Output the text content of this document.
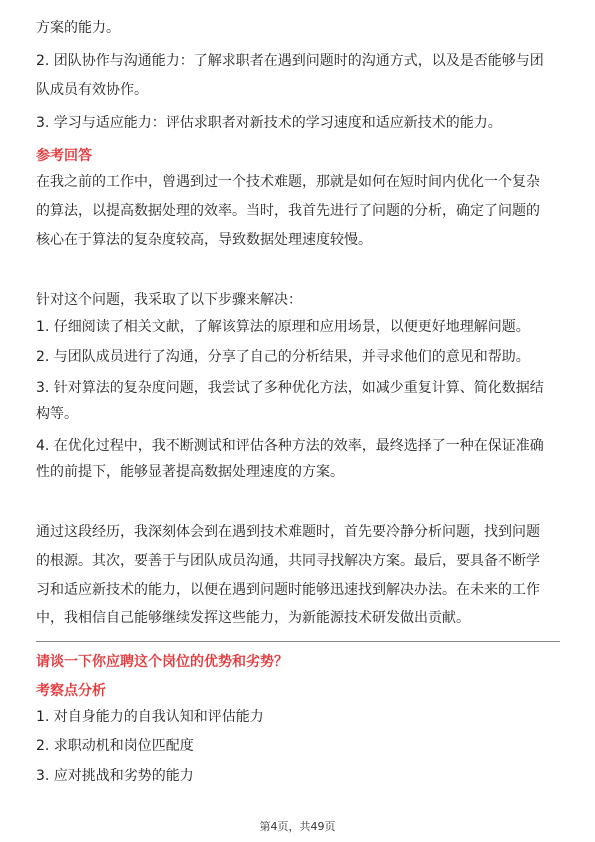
方案的能力。
2. 团队协作与沟通能力：了解求职者在遇到问题时的沟通方式，以及是否能够与团
队成员有效协作。
3. 学习与适应能力：评估求职者对新技术的学习速度和适应新技术的能力。
参考回答
在我之前的工作中，曾遇到过一个技术难题，那就是如何在短时间内优化一个复杂
的算法，以提高数据处理的效率。当时，我首先进行了问题的分析，确定了问题的
核心在于算法的复杂度较高，导致数据处理速度较慢。
针对这个问题，我采取了以下步骤来解决：
1. 仔细阅读了相关文献，了解该算法的原理和应用场景，以便更好地理解问题。
2. 与团队成员进行了沟通，分享了自己的分析结果，并寻求他们的意见和帮助。
3. 针对算法的复杂度问题，我尝试了多种优化方法，如减少重复计算、简化数据结
构等。
4. 在优化过程中，我不断测试和评估各种方法的效率，最终选择了一种在保证准确
性的前提下，能够显著提高数据处理速度的方案。
通过这段经历，我深刻体会到在遇到技术难题时，首先要冷静分析问题，找到问题
的根源。其次，要善于与团队成员沟通，共同寻找解决方案。最后，要具备不断学
习和适应新技术的能力，以便在遇到问题时能够迅速找到解决办法。在未来的工作
中，我相信自己能够继续发挥这些能力，为新能源技术研发做出贡献。
请谈一下你应聘这个岗位的优势和劣势？
考察点分析
1. 对自身能力的自我认知和评估能力
2. 求职动机和岗位匹配度
3. 应对挑战和劣势的能力
第4页，共49页
